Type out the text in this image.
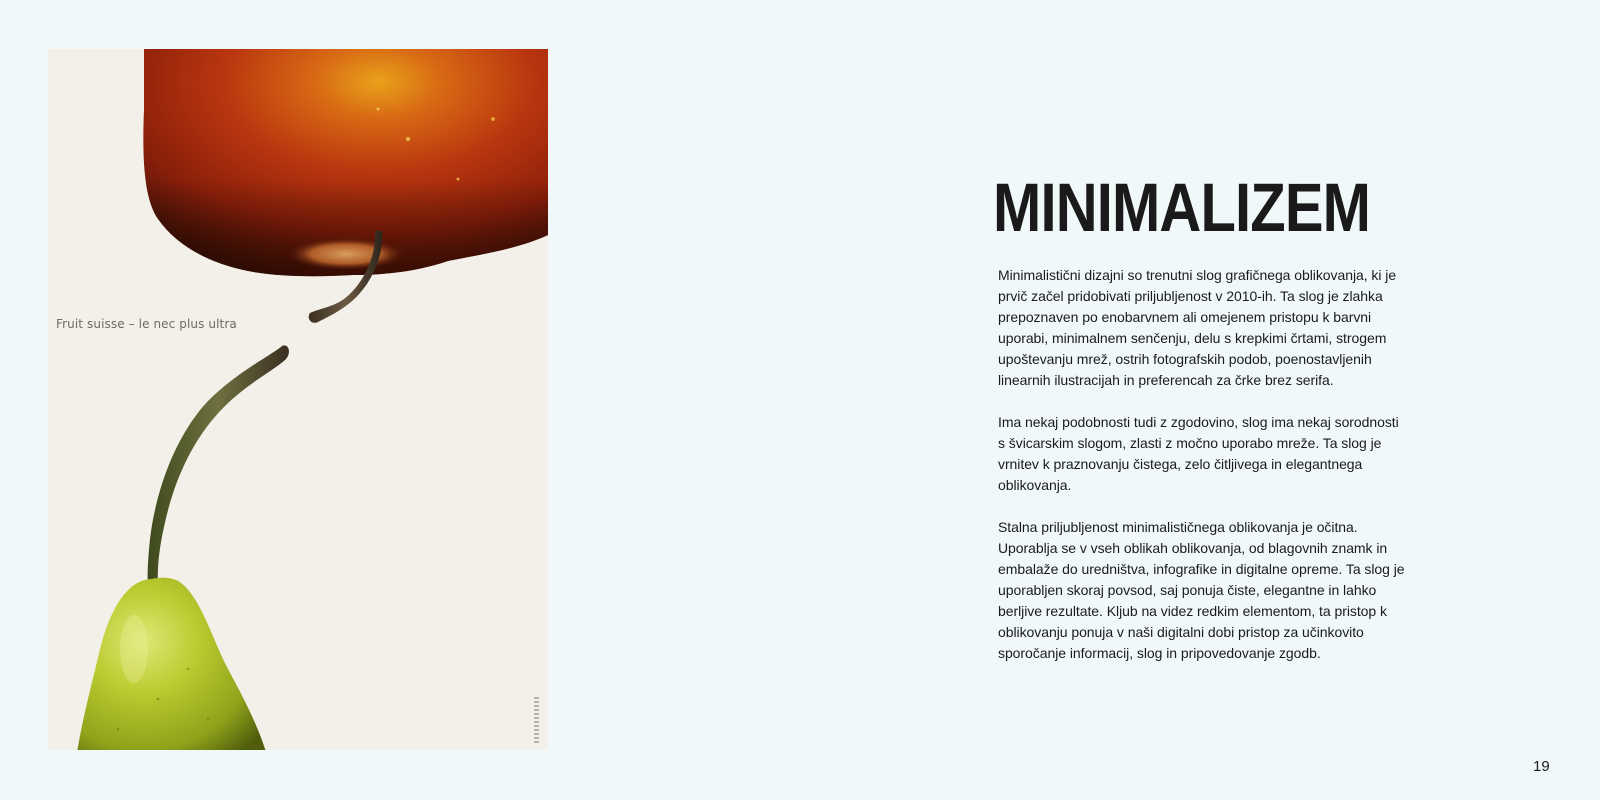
Fruit suisse – le nec plus ultra
MINIMALIZEM

Minimalistični dizajni so trenutni slog grafičnega oblikovanja, ki je prvič začel pridobivati priljubljenost v 2010-ih. Ta slog je zlahka prepoznaven po enobarvnem ali omejenem pristopu k barvni uporabi, minimalnem senčenju, delu s krepkimi črtami, strogem upoštevanju mrež, ostrih fotografskih podob, poenostavljenih linearnih ilustracijah in preferencah za črke brez serifa.

Ima nekaj podobnosti tudi z zgodovino, slog ima nekaj sorodnosti s švicarskim slogom, zlasti z močno uporabo mreže. Ta slog je vrnitev k praznovanju čistega, zelo čitljivega in elegantnega oblikovanja.

Stalna priljubljenost minimalističnega oblikovanja je očitna. Uporablja se v vseh oblikah oblikovanja, od blagovnih znamk in embalaže do uredništva, infografike in digitalne opreme. Ta slog je uporabljen skoraj povsod, saj ponuja čiste, elegantne in lahko berljive rezultate. Kljub na videz redkim elementom, ta pristop k oblikovanju ponuja v naši digitalni dobi pristop za učinkovito sporočanje informacij, slog in pripovedovanje zgodb.

19
